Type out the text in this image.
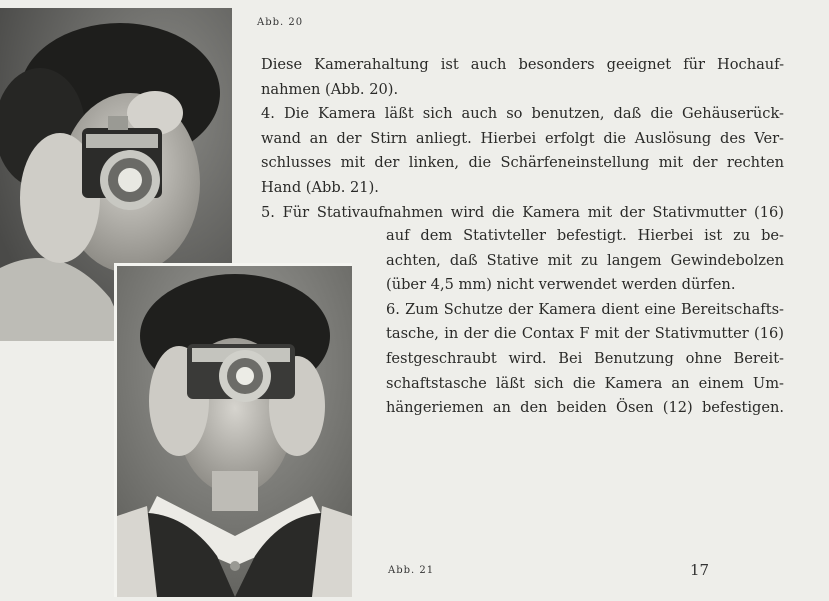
Abb. 20
Diese Kamerahaltung ist auch besonders geeignet für Hochauf-
nahmen (Abb. 20).
4. Die Kamera läßt sich auch so benutzen, daß die Gehäuserück-
wand an der Stirn anliegt. Hierbei erfolgt die Auslösung des Ver-
schlusses mit der linken, die Schärfeneinstellung mit der rechten
Hand (Abb. 21).
5. Für Stativaufnahmen wird die Kamera mit der Stativmutter (16)
auf dem Stativteller befestigt. Hierbei ist zu be-
achten, daß Stative mit zu langem Gewindebolzen
(über 4,5 mm) nicht verwendet werden dürfen.
6. Zum Schutze der Kamera dient eine Bereitschafts-
tasche, in der die Contax F mit der Stativmutter (16)
festgeschraubt wird. Bei Benutzung ohne Bereit-
schaftstasche läßt sich die Kamera an einem Um-
hängeriemen an den beiden Ösen (12) befestigen.
Abb. 21	17
